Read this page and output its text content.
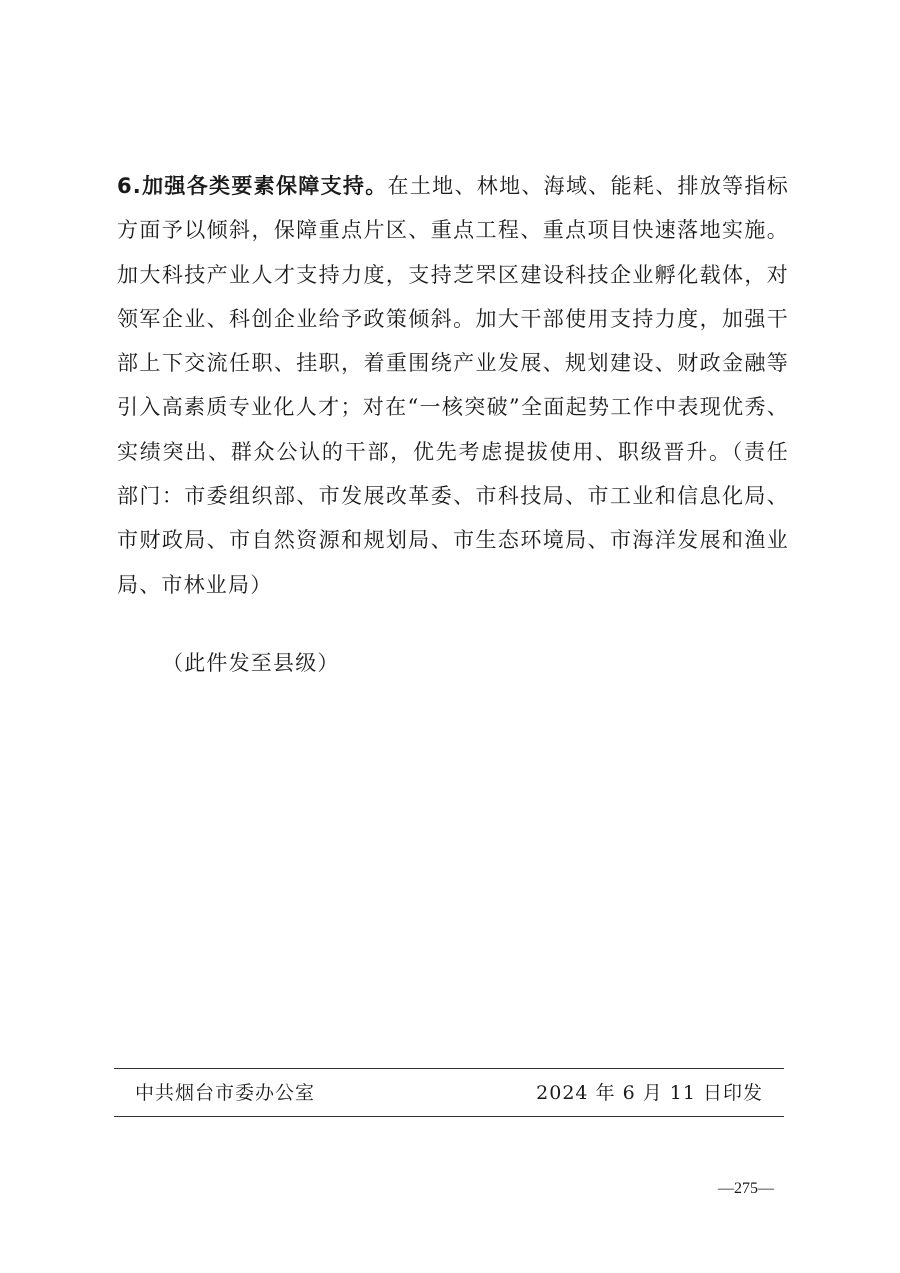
6.加强各类要素保障支持。在土地、林地、海域、能耗、排放等指标方面予以倾斜，保障重点片区、重点工程、重点项目快速落地实施。加大科技产业人才支持力度，支持芝罘区建设科技企业孵化载体，对领军企业、科创企业给予政策倾斜。加大干部使用支持力度，加强干部上下交流任职、挂职，着重围绕产业发展、规划建设、财政金融等引入高素质专业化人才；对在“一核突破”全面起势工作中表现优秀、实绩突出、群众公认的干部，优先考虑提拔使用、职级晋升。（责任部门：市委组织部、市发展改革委、市科技局、市工业和信息化局、市财政局、市自然资源和规划局、市生态环境局、市海洋发展和渔业局、市林业局）

（此件发至县级）

中共烟台市委办公室	2024 年 6 月 11 日印发

—275—
